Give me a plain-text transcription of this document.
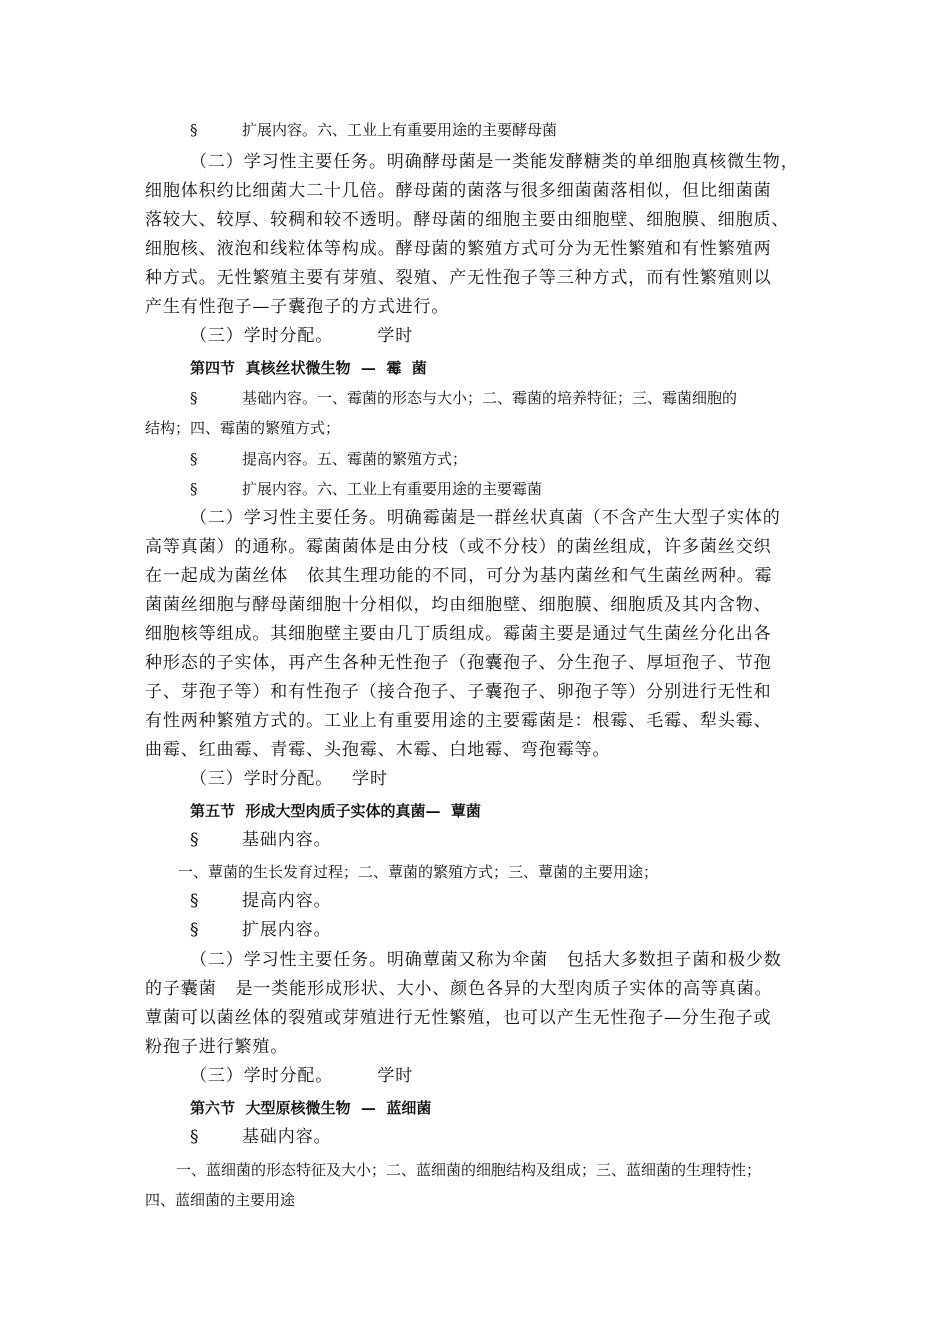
§	扩展内容。六、工业上有重要用途的主要酵母菌
（二）学习性主要任务。明确酵母菌是一类能发酵糖类的单细胞真核微生物，
细胞体积约比细菌大二十几倍。酵母菌的菌落与很多细菌菌落相似，但比细菌菌
落较大、较厚、较稠和较不透明。酵母菌的细胞主要由细胞壁、细胞膜、细胞质、
细胞核、液泡和线粒体等构成。酵母菌的繁殖方式可分为无性繁殖和有性繁殖两
种方式。无性繁殖主要有芽殖、裂殖、产无性孢子等三种方式，而有性繁殖则以
产生有性孢子—子囊孢子的方式进行。
（三）学时分配。       学时
第四节  真核丝状微生物  —  霉  菌
§	基础内容。一、霉菌的形态与大小；二、霉菌的培养特征；三、霉菌细胞的
结构；四、霉菌的繁殖方式；
§	提高内容。五、霉菌的繁殖方式；
§	扩展内容。六、工业上有重要用途的主要霉菌
（二）学习性主要任务。明确霉菌是一群丝状真菌（不含产生大型子实体的
高等真菌）的通称。霉菌菌体是由分枝（或不分枝）的菌丝组成，许多菌丝交织
在一起成为菌丝体   依其生理功能的不同，可分为基内菌丝和气生菌丝两种。霉
菌菌丝细胞与酵母菌细胞十分相似，均由细胞壁、细胞膜、细胞质及其内含物、
细胞核等组成。其细胞壁主要由几丁质组成。霉菌主要是通过气生菌丝分化出各
种形态的子实体，再产生各种无性孢子（孢囊孢子、分生孢子、厚垣孢子、节孢
子、芽孢子等）和有性孢子（接合孢子、子囊孢子、卵孢子等）分别进行无性和
有性两种繁殖方式的。工业上有重要用途的主要霉菌是：根霉、毛霉、犁头霉、
曲霉、红曲霉、青霉、头孢霉、木霉、白地霉、弯孢霉等。
（三）学时分配。   学时
第五节  形成大型肉质子实体的真菌—  蕈菌
§	基础内容。
一、蕈菌的生长发育过程；二、蕈菌的繁殖方式；三、蕈菌的主要用途；
§	提高内容。
§	扩展内容。
（二）学习性主要任务。明确蕈菌又称为伞菌   包括大多数担子菌和极少数
的子囊菌   是一类能形成形状、大小、颜色各异的大型肉质子实体的高等真菌。
蕈菌可以菌丝体的裂殖或芽殖进行无性繁殖，也可以产生无性孢子—分生孢子或
粉孢子进行繁殖。
（三）学时分配。       学时
第六节  大型原核微生物  —  蓝细菌
§	基础内容。
一、蓝细菌的形态特征及大小；二、蓝细菌的细胞结构及组成；三、蓝细菌的生理特性；
四、蓝细菌的主要用途
